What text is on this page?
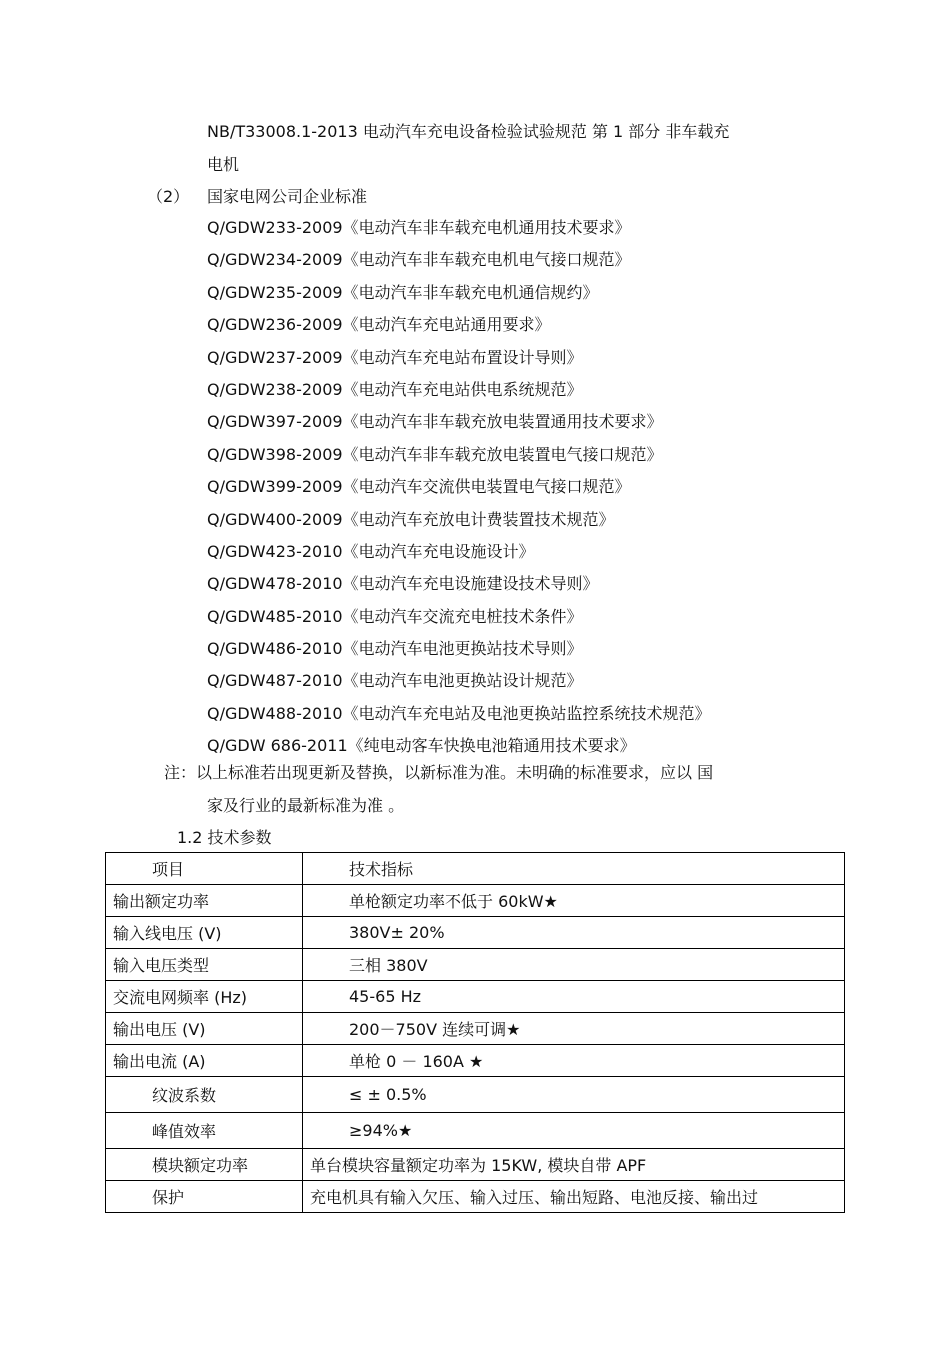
NB/T33008.1-2013 电动汽车充电设备检验试验规范 第 1 部分 非车载充
电机
（2） 国家电网公司企业标准
Q/GDW233-2009《电动汽车非车载充电机通用技术要求》
Q/GDW234-2009《电动汽车非车载充电机电气接口规范》
Q/GDW235-2009《电动汽车非车载充电机通信规约》
Q/GDW236-2009《电动汽车充电站通用要求》
Q/GDW237-2009《电动汽车充电站布置设计导则》
Q/GDW238-2009《电动汽车充电站供电系统规范》
Q/GDW397-2009《电动汽车非车载充放电装置通用技术要求》
Q/GDW398-2009《电动汽车非车载充放电装置电气接口规范》
Q/GDW399-2009《电动汽车交流供电装置电气接口规范》
Q/GDW400-2009《电动汽车充放电计费装置技术规范》
Q/GDW423-2010《电动汽车充电设施设计》
Q/GDW478-2010《电动汽车充电设施建设技术导则》
Q/GDW485-2010《电动汽车交流充电桩技术条件》
Q/GDW486-2010《电动汽车电池更换站技术导则》
Q/GDW487-2010《电动汽车电池更换站设计规范》
Q/GDW488-2010《电动汽车充电站及电池更换站监控系统技术规范》
Q/GDW 686-2011《纯电动客车快换电池箱通用技术要求》
注：以上标准若出现更新及替换，以新标准为准。未明确的标准要求，应以 国
家及行业的最新标准为准 。
1.2 技术参数
项目	技术指标
输出额定功率	单枪额定功率不低于 60kW★
输入线电压 (V)	380V± 20%
输入电压类型	三相 380V
交流电网频率 (Hz)	45-65 Hz
输出电压 (V)	200－750V 连续可调★
输出电流 (A)	单枪 0 － 160A ★
纹波系数	≤ ± 0.5%
峰值效率	≥94%★
模块额定功率	单台模块容量额定功率为 15KW, 模块自带 APF
保护	充电机具有输入欠压、输入过压、输出短路、电池反接、输出过
